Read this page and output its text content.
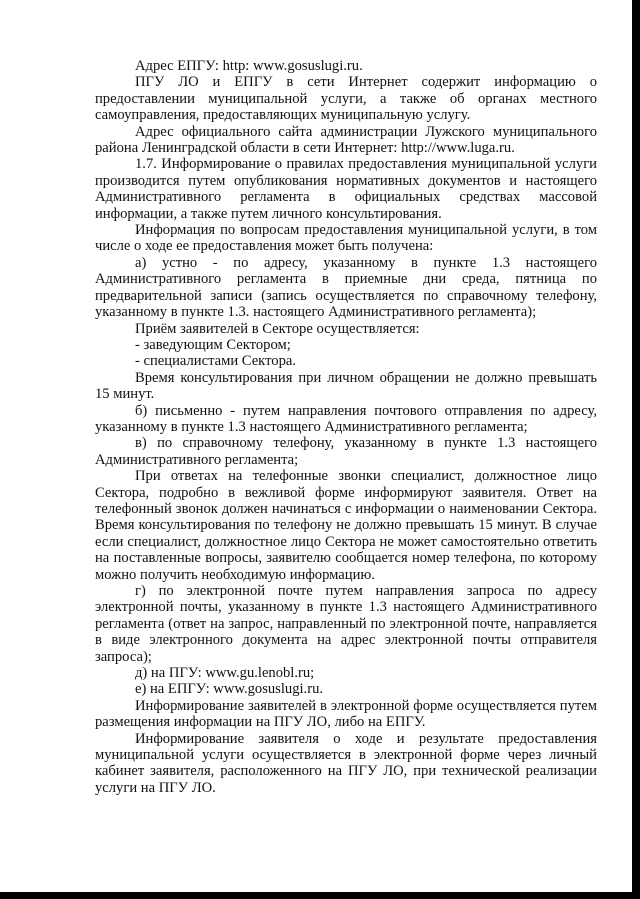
Адрес ЕПГУ: http: www.gosuslugi.ru.

ПГУ ЛО и ЕПГУ в сети Интернет содержит информацию о предоставлении муниципальной услуги, а также об органах местного самоуправления, предоставляющих муниципальную услугу.

Адрес официального сайта администрации Лужского муниципального района Ленинградской области в сети Интернет: http://www.luga.ru.

1.7. Информирование о правилах предоставления муниципальной услуги производится путем опубликования нормативных документов и настоящего Административного регламента в официальных средствах массовой информации, а также путем личного консультирования.

Информация по вопросам предоставления муниципальной услуги, в том числе о ходе ее предоставления может быть получена:

а) устно - по адресу, указанному в пункте 1.3 настоящего Административного регламента в приемные дни среда, пятница по предварительной записи (запись осуществляется по справочному телефону, указанному в пункте 1.3. настоящего Административного регламента);

Приём заявителей в Секторе осуществляется:

- заведующим Сектором;

- специалистами Сектора.

Время консультирования при личном обращении не должно превышать 15 минут.

б) письменно - путем направления почтового отправления по адресу, указанному в пункте 1.3 настоящего Административного регламента;

в) по справочному телефону, указанному в пункте 1.3 настоящего Административного регламента;

При ответах на телефонные звонки специалист, должностное лицо Сектора, подробно в вежливой форме информируют заявителя. Ответ на телефонный звонок должен начинаться с информации о наименовании Сектора. Время консультирования по телефону не должно превышать 15 минут. В случае если специалист, должностное лицо Сектора не может самостоятельно ответить на поставленные вопросы, заявителю сообщается номер телефона, по которому можно получить необходимую информацию.

г) по электронной почте путем направления запроса по адресу электронной почты, указанному в пункте 1.3 настоящего Административного регламента (ответ на запрос, направленный по электронной почте, направляется в виде электронного документа на адрес электронной почты отправителя запроса);

д) на ПГУ: www.gu.lenobl.ru;

е) на ЕПГУ: www.gosuslugi.ru.

Информирование заявителей в электронной форме осуществляется путем размещения информации на ПГУ ЛО, либо на ЕПГУ.

Информирование заявителя о ходе и результате предоставления муниципальной услуги осуществляется в электронной форме через личный кабинет заявителя, расположенного на ПГУ ЛО, при технической реализации услуги на ПГУ ЛО.
